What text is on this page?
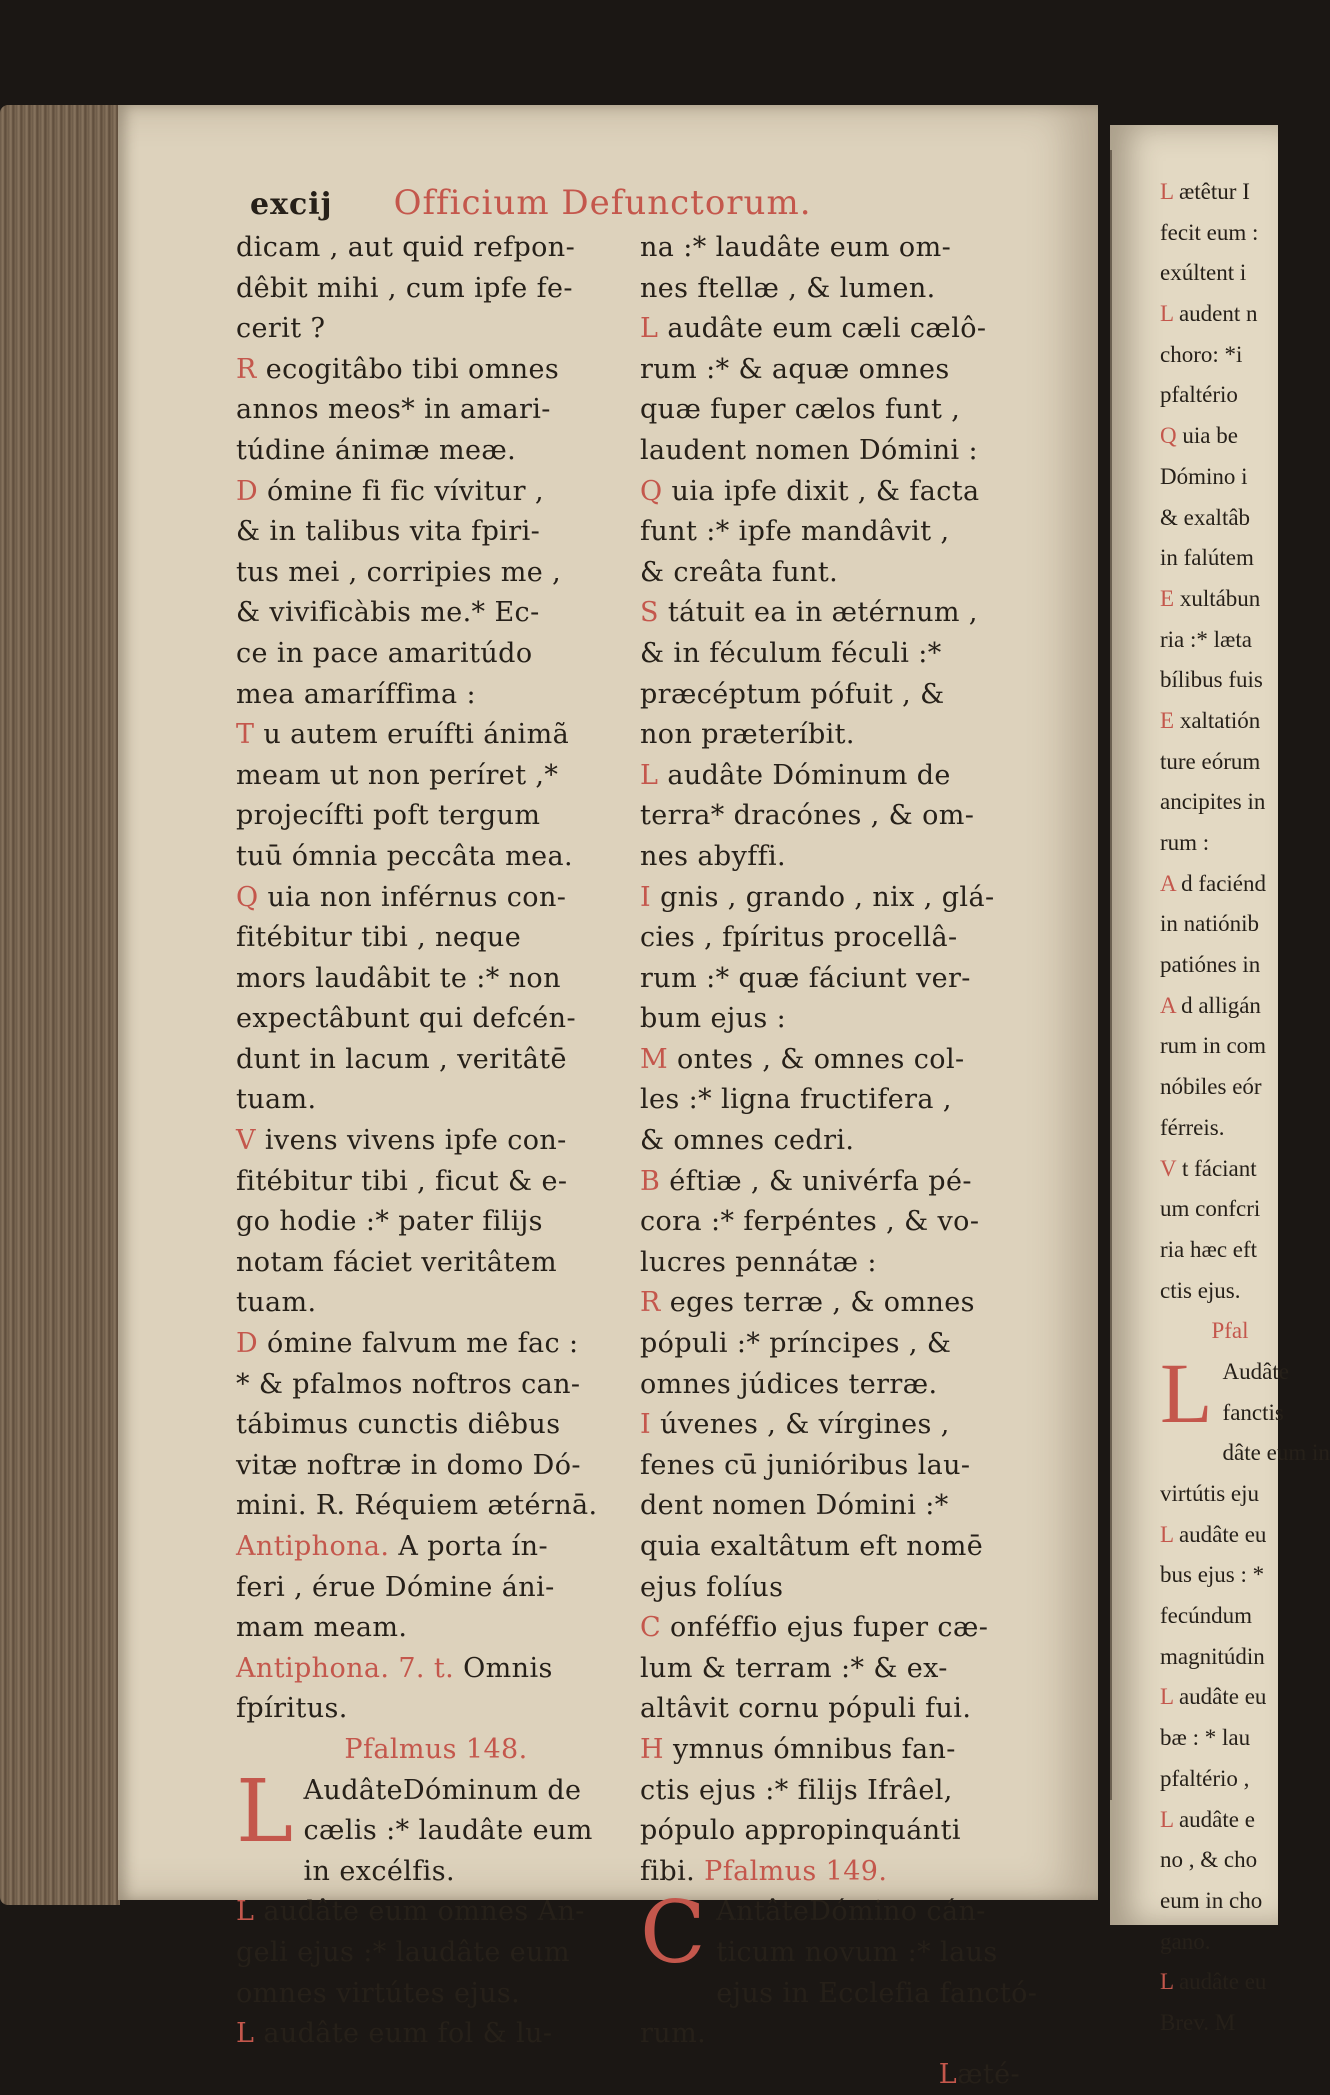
excij Officium Defunctorum.
dicam , aut quid refpon-
dêbit mihi , cum ipfe fe-
cerit ?
R ecogitâbo tibi omnes
annos meos* in amari-
túdine ánimæ meæ.
D ómine fi fic vívitur ,
& in talibus vita fpiri-
tus mei , corripies me ,
& vivificàbis me.* Ec-
ce in pace amaritúdo
mea amaríffima :
T u autem eruífti ánimã
meam ut non períret ,*
projecífti poft tergum
tuū ómnia peccâta mea.
Q uia non inférnus con-
fitébitur tibi , neque
mors laudâbit te :* non
expectâbunt qui defcén-
dunt in lacum , veritâtē
tuam.
V ivens vivens ipfe con-
fitébitur tibi , ficut & e-
go hodie :* pater filijs
notam fáciet veritâtem
tuam.
D ómine falvum me fac :
* & pfalmos noftros can-
tábimus cunctis diêbus
vitæ noftræ in domo Dó-
mini. R. Réquiem ætérnā.
Antiphona. A porta ín-
feri , érue Dómine áni-
mam meam.
Antiphona. 7. t. Omnis
fpíritus.
Pfalmus 148.
L AudâteDóminum de
cælis :* laudâte eum
in excélfis.
L audâte eum omnes An-
geli ejus :* laudâte eum
omnes virtútes ejus.
L audâte eum fol & lu-
na :* laudâte eum om-
nes ftellæ , & lumen.
L audâte eum cæli cælô-
rum :* & aquæ omnes
quæ fuper cælos funt ,
laudent nomen Dómini :
Q uia ipfe dixit , & facta
funt :* ipfe mandâvit ,
& creâta funt.
S tátuit ea in ætérnum ,
& in féculum féculi :*
præcéptum pófuit , &
non præteríbit.
L audâte Dóminum de
terra* dracónes , & om-
nes abyffi.
I gnis , grando , nix , glá-
cies , fpíritus procellâ-
rum :* quæ fáciunt ver-
bum ejus :
M ontes , & omnes col-
les :* ligna fructifera ,
& omnes cedri.
B éftiæ , & univérfa pé-
cora :* ferpéntes , & vo-
lucres pennátæ :
R eges terræ , & omnes
pópuli :* príncipes , &
omnes júdices terræ.
I úvenes , & vírgines ,
fenes cū junióribus lau-
dent nomen Dómini :*
quia exaltâtum eft nomē
ejus folíus
C onféffio ejus fuper cæ-
lum & terram :* & ex-
altâvit cornu pópuli fui.
H ymnus ómnibus fan-
ctis ejus :* filijs Ifrâel,
pópulo appropinquánti
fibi. Pfalmus 149.
C AntâteDómino cán-
ticum novum :* laus
ejus in Ecclefia fanctó-
rum.
Læté-
L ætêtur I
fecit eum :
exúltent i
L audent n
choro: *i
pfaltério
Q uia be
Dómino i
& exaltâb
in falútem
E xultábun
ria :* læta
bílibus fuis
E xaltatión
ture eórum
ancipites in
rum :
A d faciénd
in natiónib
patiónes in
A d alligán
rum in com
nóbiles eór
férreis.
V t fáciant
um confcri
ria hæc eft
ctis ejus.
Pfal
L Audâte
fanctis
dâte eum in
virtútis eju
L audâte eu
bus ejus : *
fecúndum
magnitúdin
L audâte eu
bæ : * lau
pfaltério ,
L audâte e
no , & cho
eum in cho
gano.
L audâte eu
Brev. M
